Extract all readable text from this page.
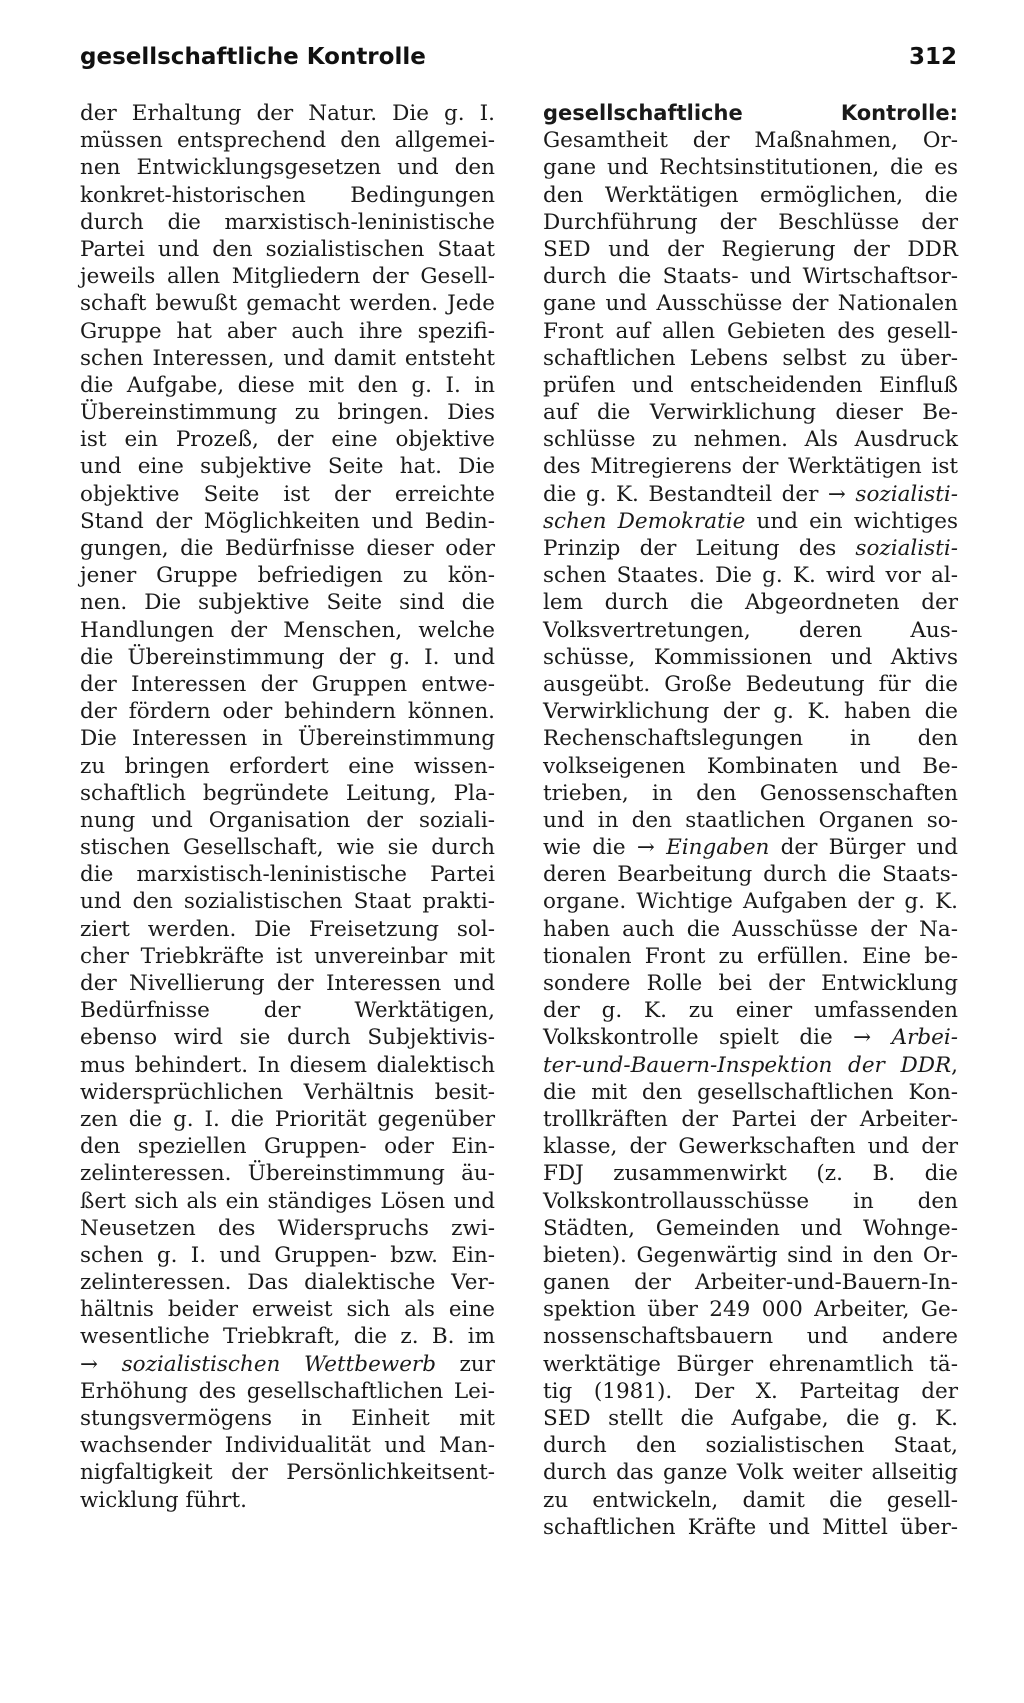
gesellschaftliche Kontrolle	312
der Erhaltung der Natur. Die g. I.
müssen entsprechend den allgemei-
nen Entwicklungsgesetzen und den
konkret-historischen Bedingungen
durch die marxistisch-leninistische
Partei und den sozialistischen Staat
jeweils allen Mitgliedern der Gesell-
schaft bewußt gemacht werden. Jede
Gruppe hat aber auch ihre spezifi-
schen Interessen, und damit entsteht
die Aufgabe, diese mit den g. I. in
Übereinstimmung zu bringen. Dies
ist ein Prozeß, der eine objektive
und eine subjektive Seite hat. Die
objektive Seite ist der erreichte
Stand der Möglichkeiten und Bedin-
gungen, die Bedürfnisse dieser oder
jener Gruppe befriedigen zu kön-
nen. Die subjektive Seite sind die
Handlungen der Menschen, welche
die Übereinstimmung der g. I. und
der Interessen der Gruppen entwe-
der fördern oder behindern können.
Die Interessen in Übereinstimmung
zu bringen erfordert eine wissen-
schaftlich begründete Leitung, Pla-
nung und Organisation der soziali-
stischen Gesellschaft, wie sie durch
die marxistisch-leninistische Partei
und den sozialistischen Staat prakti-
ziert werden. Die Freisetzung sol-
cher Triebkräfte ist unvereinbar mit
der Nivellierung der Interessen und
Bedürfnisse der Werktätigen,
ebenso wird sie durch Subjektivis-
mus behindert. In diesem dialektisch
widersprüchlichen Verhältnis besit-
zen die g. I. die Priorität gegenüber
den speziellen Gruppen- oder Ein-
zelinteressen. Übereinstimmung äu-
ßert sich als ein ständiges Lösen und
Neusetzen des Widerspruchs zwi-
schen g. I. und Gruppen- bzw. Ein-
zelinteressen. Das dialektische Ver-
hältnis beider erweist sich als eine
wesentliche Triebkraft, die z. B. im
→ sozialistischen Wettbewerb zur
Erhöhung des gesellschaftlichen Lei-
stungsvermögens in Einheit mit
wachsender Individualität und Man-
nigfaltigkeit der Persönlichkeitsent-
wicklung führt.
gesellschaftliche Kontrolle:
Gesamtheit der Maßnahmen, Or-
gane und Rechtsinstitutionen, die es
den Werktätigen ermöglichen, die
Durchführung der Beschlüsse der
SED und der Regierung der DDR
durch die Staats- und Wirtschaftsor-
gane und Ausschüsse der Nationalen
Front auf allen Gebieten des gesell-
schaftlichen Lebens selbst zu über-
prüfen und entscheidenden Einfluß
auf die Verwirklichung dieser Be-
schlüsse zu nehmen. Als Ausdruck
des Mitregierens der Werktätigen ist
die g. K. Bestandteil der → sozialisti-
schen Demokratie und ein wichtiges
Prinzip der Leitung des sozialisti-
schen Staates. Die g. K. wird vor al-
lem durch die Abgeordneten der
Volksvertretungen, deren Aus-
schüsse, Kommissionen und Aktivs
ausgeübt. Große Bedeutung für die
Verwirklichung der g. K. haben die
Rechenschaftslegungen in den
volkseigenen Kombinaten und Be-
trieben, in den Genossenschaften
und in den staatlichen Organen so-
wie die → Eingaben der Bürger und
deren Bearbeitung durch die Staats-
organe. Wichtige Aufgaben der g. K.
haben auch die Ausschüsse der Na-
tionalen Front zu erfüllen. Eine be-
sondere Rolle bei der Entwicklung
der g. K. zu einer umfassenden
Volkskontrolle spielt die → Arbei-
ter-und-Bauern-Inspektion der DDR,
die mit den gesellschaftlichen Kon-
trollkräften der Partei der Arbeiter-
klasse, der Gewerkschaften und der
FDJ zusammenwirkt (z. B. die
Volkskontrollausschüsse in den
Städten, Gemeinden und Wohnge-
bieten). Gegenwärtig sind in den Or-
ganen der Arbeiter-und-Bauern-In-
spektion über 249 000 Arbeiter, Ge-
nossenschaftsbauern und andere
werktätige Bürger ehrenamtlich tä-
tig (1981). Der X. Parteitag der
SED stellt die Aufgabe, die g. K.
durch den sozialistischen Staat,
durch das ganze Volk weiter allseitig
zu entwickeln, damit die gesell-
schaftlichen Kräfte und Mittel über-
